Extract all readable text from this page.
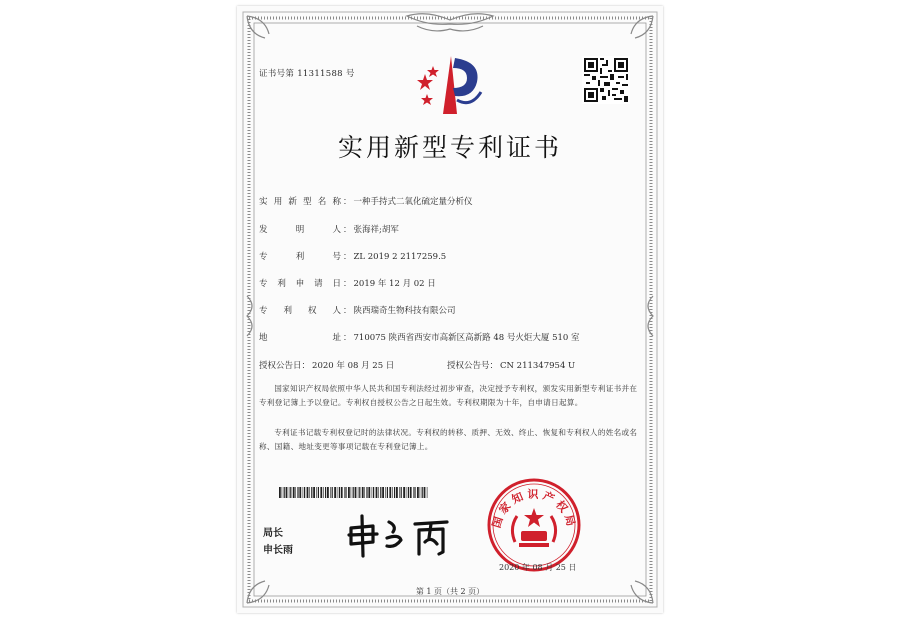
证书号第 11311588 号
实用新型专利证书
实用新型名称 ： 一种手持式二氧化硫定量分析仪
发明人 ： 张海祥;胡军
专利号 ： ZL 2019 2 2117259.5
专利申请日 ： 2019 年 12 月 02 日
专利权人 ： 陕西瑞奇生物科技有限公司
地址 ： 710075 陕西省西安市高新区高新路 48 号火炬大厦 510 室
授权公告日： 2020 年 08 月 25 日	授权公告号： CN 211347954 U
国家知识产权局依照中华人民共和国专利法经过初步审查，决定授予专利权，颁发实用新型专利证书并在专利登记簿上予以登记。专利权自授权公告之日起生效。专利权期限为十年，自申请日起算。
专利证书记载专利权登记时的法律状况。专利权的转移、质押、无效、终止、恢复和专利权人的姓名或名称、国籍、地址变更等事项记载在专利登记簿上。
局长
申长雨
国家知识产权局
2020 年 08 月 25 日
第 1 页（共 2 页）
